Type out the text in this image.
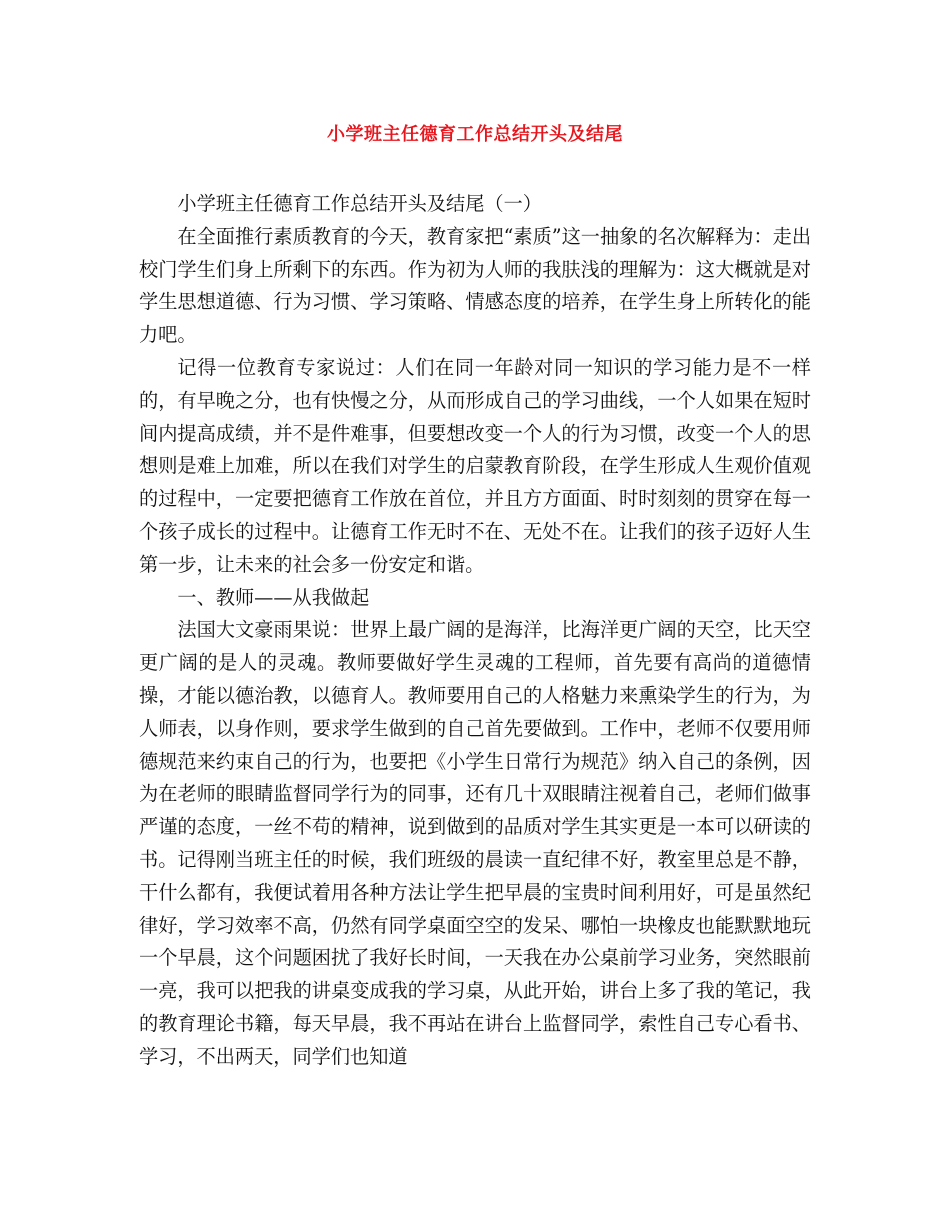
小学班主任德育工作总结开头及结尾

小学班主任德育工作总结开头及结尾（一）

在全面推行素质教育的今天，教育家把“素质”这一抽象的名次解释为：走出校门学生们身上所剩下的东西。作为初为人师的我肤浅的理解为：这大概就是对学生思想道德、行为习惯、学习策略、情感态度的培养，在学生身上所转化的能力吧。

记得一位教育专家说过：人们在同一年龄对同一知识的学习能力是不一样的，有早晚之分，也有快慢之分，从而形成自己的学习曲线，一个人如果在短时间内提高成绩，并不是件难事，但要想改变一个人的行为习惯，改变一个人的思想则是难上加难，所以在我们对学生的启蒙教育阶段，在学生形成人生观价值观的过程中，一定要把德育工作放在首位，并且方方面面、时时刻刻的贯穿在每一个孩子成长的过程中。让德育工作无时不在、无处不在。让我们的孩子迈好人生第一步，让未来的社会多一份安定和谐。

一、教师——从我做起

法国大文豪雨果说：世界上最广阔的是海洋，比海洋更广阔的天空，比天空更广阔的是人的灵魂。教师要做好学生灵魂的工程师，首先要有高尚的道德情操，才能以德治教，以德育人。教师要用自己的人格魅力来熏染学生的行为，为人师表，以身作则，要求学生做到的自己首先要做到。工作中，老师不仅要用师德规范来约束自己的行为，也要把《小学生日常行为规范》纳入自己的条例，因为在老师的眼睛监督同学行为的同事，还有几十双眼睛注视着自己，老师们做事严谨的态度，一丝不苟的精神，说到做到的品质对学生其实更是一本可以研读的书。记得刚当班主任的时候，我们班级的晨读一直纪律不好，教室里总是不静，干什么都有，我便试着用各种方法让学生把早晨的宝贵时间利用好，可是虽然纪律好，学习效率不高，仍然有同学桌面空空的发呆、哪怕一块橡皮也能默默地玩一个早晨，这个问题困扰了我好长时间，一天我在办公桌前学习业务，突然眼前一亮，我可以把我的讲桌变成我的学习桌，从此开始，讲台上多了我的笔记，我的教育理论书籍，每天早晨，我不再站在讲台上监督同学，索性自己专心看书、学习，不出两天，同学们也知道
